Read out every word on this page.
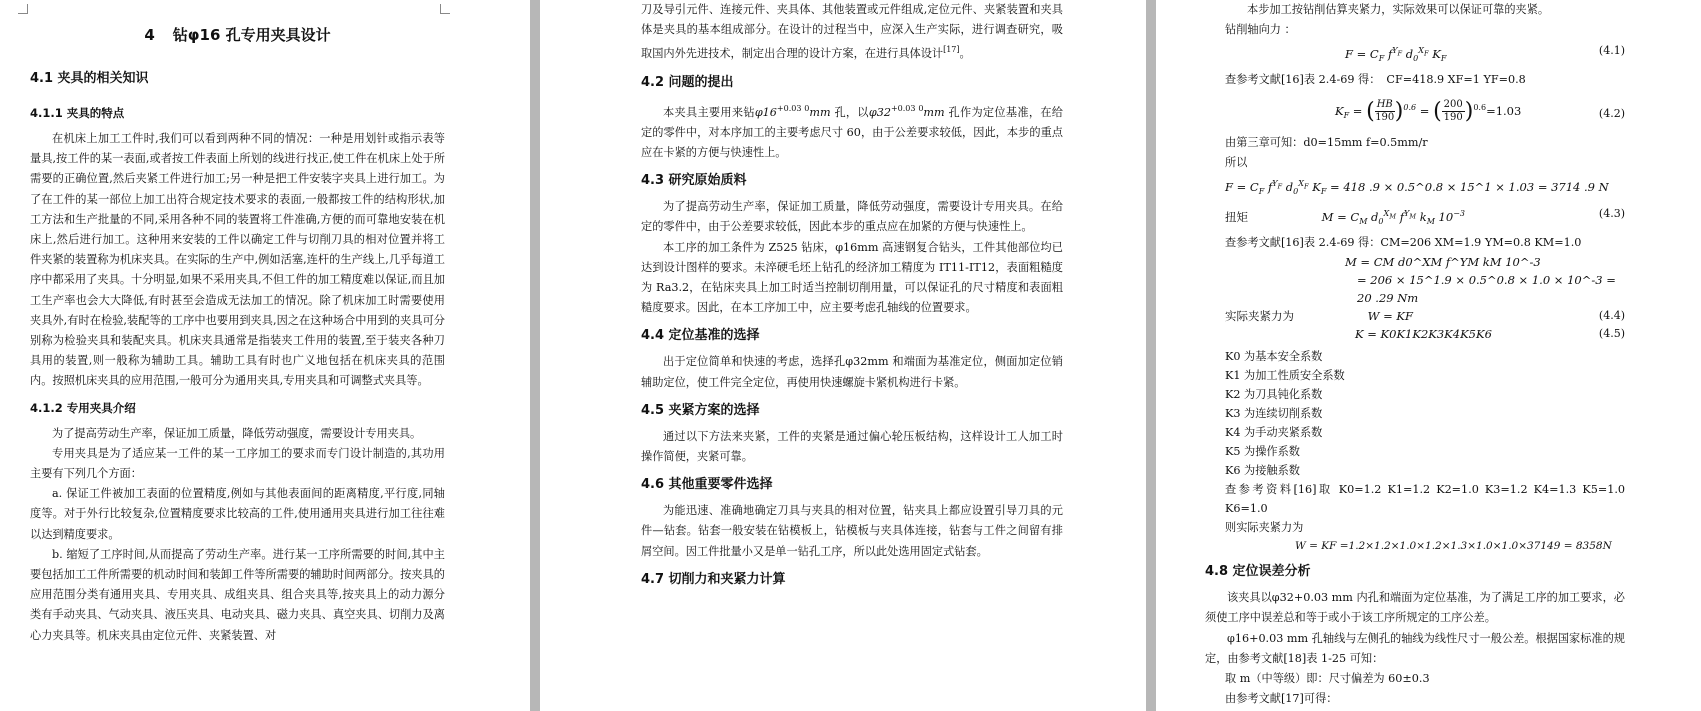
4 钻φ16 孔专用夹具设计
4.1 夹具的相关知识
4.1.1 夹具的特点

在机床上加工工件时,我们可以看到两种不同的情况：一种是用划针或指示表等量具,按工件的某一表面,或者按工件表面上所划的线进行找正,使工件在机床上处于所需要的正确位置,然后夹紧工件进行加工;另一种是把工件安装字夹具上进行加工。为了在工件的某一部位上加工出符合规定技术要求的表面,一般都按工件的结构形状,加工方法和生产批量的不同,采用各种不同的装置将工件准确,方便的而可靠地安装在机床上,然后进行加工。这种用来安装的工件以确定工件与切削刀具的相对位置并将工件夹紧的装置称为机床夹具。在实际的生产中,例如活塞,连杆的生产线上,几乎每道工序中都采用了夹具。十分明显,如果不采用夹具,不但工件的加工精度难以保证,而且加工生产率也会大大降低,有时甚至会造成无法加工的情况。除了机床加工时需要使用夹具外,有时在检验,装配等的工序中也要用到夹具,因之在这种场合中用到的夹具可分别称为检验夹具和装配夹具。机床夹具通常是指装夹工件用的装置,至于装夹各种刀具用的装置,则一般称为辅助工具。辅助工具有时也广义地包括在机床夹具的范围内。按照机床夹具的应用范围,一般可分为通用夹具,专用夹具和可调整式夹具等。

4.1.2 专用夹具介绍

为了提高劳动生产率，保证加工质量，降低劳动强度，需要设计专用夹具。

专用夹具是为了适应某一工件的某一工序加工的要求而专门设计制造的,其功用主要有下列几个方面：

a. 保证工件被加工表面的位置精度,例如与其他表面间的距离精度,平行度,同轴度等。对于外行比较复杂,位置精度要求比较高的工件,使用通用夹具进行加工往往难以达到精度要求。

b. 缩短了工序时间,从而提高了劳动生产率。进行某一工序所需要的时间,其中主要包括加工工件所需要的机动时间和装卸工件等所需要的辅助时间两部分。按夹具的应用范围分类有通用夹具、专用夹具、成组夹具、组合夹具等,按夹具上的动力源分类有手动夹具、气动夹具、液压夹具、电动夹具、磁力夹具、真空夹具、切削力及离心力夹具等。机床夹具由定位元件、夹紧装置、对

刀及导引元件、连接元件、夹具体、其他装置或元件组成,定位元件、夹紧装置和夹具体是夹具的基本组成部分。在设计的过程当中，应深入生产实际，进行调查研究，吸取国内外先进技术，制定出合理的设计方案，在进行具体设计[17]。

4.2 问题的提出

本夹具主要用来钻$\varphi 16^{+0.03 0}mm$ 孔，以$\varphi 32^{+0.03 0}mm$ 孔作为定位基准，在给定的零件中，对本序加工的主要考虑尺寸 60，由于公差要求较低，因此，本步的重点应在卡紧的方便与快速性上。

4.3 研究原始质料

为了提高劳动生产率，保证加工质量，降低劳动强度，需要设计专用夹具。在给定的零件中，由于公差要求较低，因此本步的重点应在加紧的方便与快速性上。

本工序的加工条件为 Z525 钻床，φ16mm 高速钢复合钻头，工件其他部位均已达到设计图样的要求。未淬硬毛坯上钻孔的经济加工精度为 IT11-IT12，表面粗糙度为 Ra3.2，在钻床夹具上加工时适当控制切削用量，可以保证孔的尺寸精度和表面粗糙度要求。因此，在本工序加工中，应主要考虑孔轴线的位置要求。

4.4 定位基准的选择

出于定位简单和快速的考虑，选择孔φ32mm 和端面为基准定位，侧面加定位销辅助定位，使工件完全定位，再使用快速螺旋卡紧机构进行卡紧。

4.5 夹紧方案的选择

通过以下方法来夹紧，工件的夹紧是通过偏心轮压板结构，这样设计工人加工时操作简便，夹紧可靠。

4.6 其他重要零件选择

为能迅速、准确地确定刀具与夹具的相对位置，钻夹具上都应设置引导刀具的元件—钻套。钻套一般安装在钻模板上，钻模板与夹具体连接，钻套与工件之间留有排屑空间。因工件批量小又是单一钻孔工序，所以此处选用固定式钻套。

4.7 切削力和夹紧力计算

本步加工按钻削估算夹紧力，实际效果可以保证可靠的夹紧。

钻削轴向力 ：

$F = C_F$ $f^{Y_F}$ $d_0^{X_F}$ $K_F$
(4.1)

查参考文献[16]表 2.4-69 得： CF=418.9 XF=1 YF=0.8

$K_F$ = ( $\frac{HB}{190} )^{0.6}$ = ( $\frac{200}{190} )^{0.6}=1.03$	(4.2)

由第三章可知：d0=15mm f=0.5mm/r

所以

$F = C_F$ $f^{Y_F}$ $d_0^{X_F}$ $K_F = 418$ .9 × 0.5^0.8 × 15^1 × 1.03 = 3714 .9 N
扭矩	$M = C_M$ $d_0^{X_M}$ $f^{Y_M}$ $k_M$ $10^{-3}$	(4.3)

查参考文献[16]表 2.4-69 得：CM=206 XM=1.9 YM=0.8 KM=1.0

M = CM d0^XM f^YM kM 10^-3
= 206 × 15^1.9 × 0.5^0.8 × 1.0 × 10^-3 = 20 .29 Nm
实际夹紧力为	W = KF	(4.4)
K = K0K1K2K3K4K5K6	(4.5)

K0 为基本安全系数

K1 为加工性质安全系数

K2 为刀具钝化系数

K3 为连续切削系数

K4 为手动夹紧系数

K5 为操作系数

K6 为接触系数

查参考资料[16]取 K0=1.2 K1=1.2 K2=1.0 K3=1.2 K4=1.3 K5=1.0 K6=1.0

则实际夹紧力为

W = KF =1.2×1.2×1.0×1.2×1.3×1.0×1.0×37149 = 8358N
4.8 定位误差分析

该夹具以φ32+0.03 mm 内孔和端面为定位基准，为了满足工序的加工要求，必须使工序中误差总和等于或小于该工序所规定的工序公差。

φ16+0.03 mm 孔轴线与左侧孔的轴线为线性尺寸一般公差。根据国家标准的规定，由参考文献[18]表 1-25 可知：

取 m（中等级）即：尺寸偏差为 60±0.3

由参考文献[17]可得：
